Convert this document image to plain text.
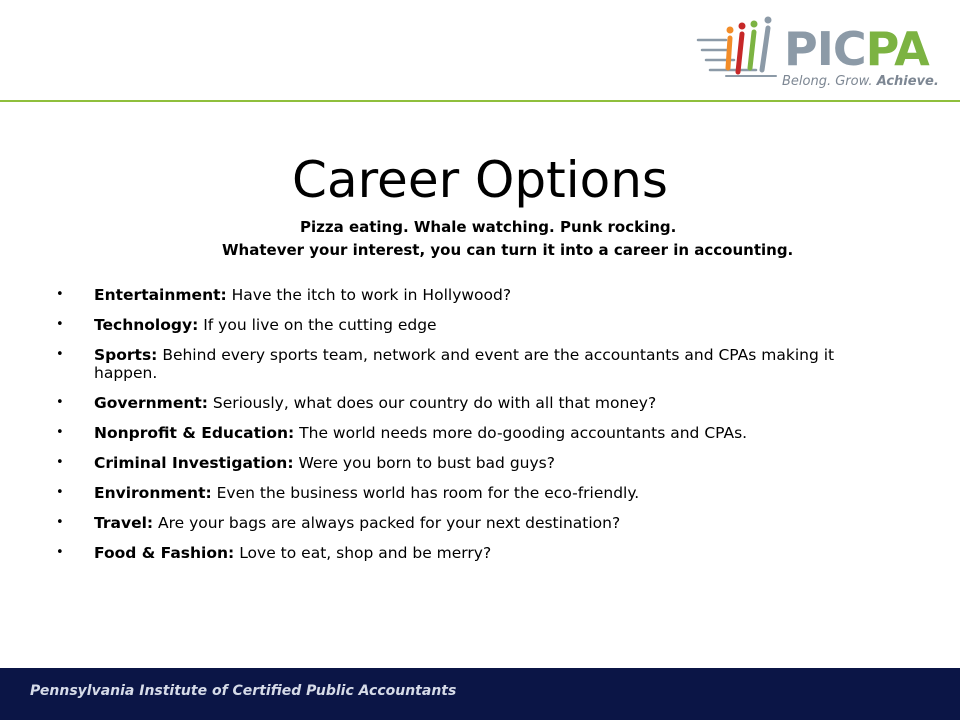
PICPA
Belong. Grow. Achieve.
Career Options
Pizza eating. Whale watching. Punk rocking.
Whatever your interest, you can turn it into a career in accounting.
• Entertainment: Have the itch to work in Hollywood?
• Technology: If you live on the cutting edge
• Sports: Behind every sports team, network and event are the accountants and CPAs making it happen.
• Government: Seriously, what does our country do with all that money?
• Nonprofit & Education: The world needs more do-gooding accountants and CPAs.
• Criminal Investigation: Were you born to bust bad guys?
• Environment: Even the business world has room for the eco-friendly.
• Travel: Are your bags are always packed for your next destination?
• Food & Fashion: Love to eat, shop and be merry?
Pennsylvania Institute of Certified Public Accountants
